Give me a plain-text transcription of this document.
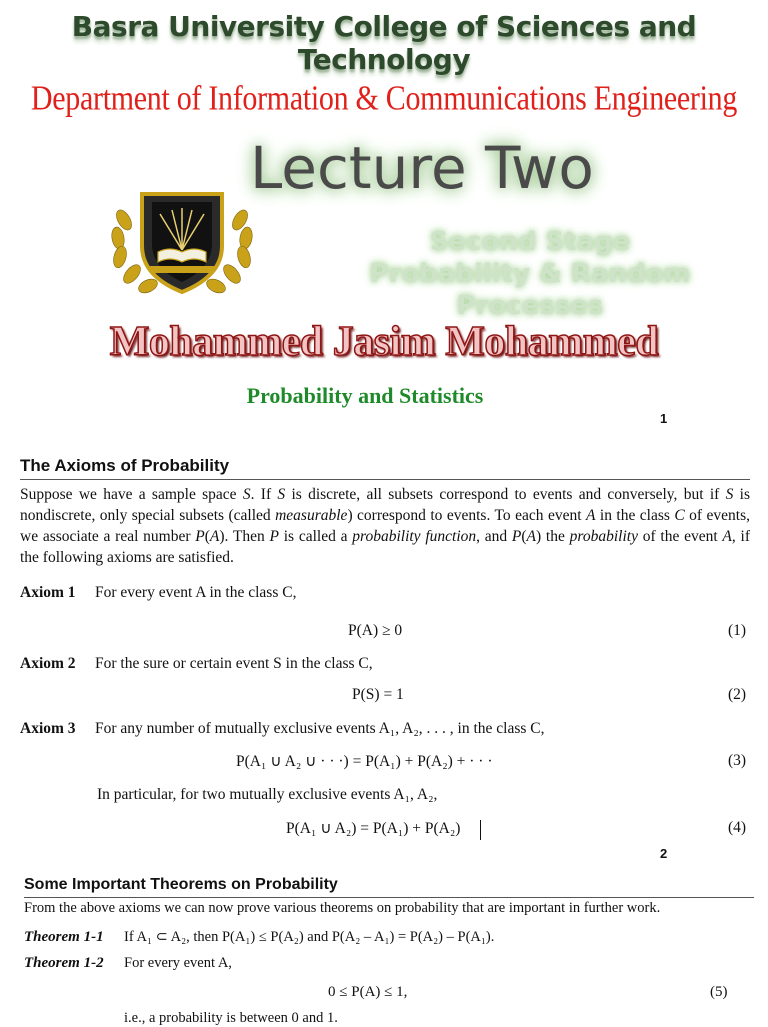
Basra University College of Sciences and Technology
Department of Information & Communications Engineering
Lecture Two
Second Stage
Probability & Random Processes
Mohammed Jasim Mohammed
Probability and Statistics
1
The Axioms of Probability
Suppose we have a sample space S. If S is discrete, all subsets correspond to events and conversely, but if S is nondiscrete, only special subsets (called measurable) correspond to events. To each event A in the class C of events, we associate a real number P(A). Then P is called a probability function, and P(A) the probability of the event A, if the following axioms are satisfied.
Axiom 1 For every event A in the class C,
P(A) ≥ 0	(1)
Axiom 2 For the sure or certain event S in the class C,
P(S) = 1	(2)
Axiom 3 For any number of mutually exclusive events A₁, A₂, . . . , in the class C,
P(A₁ ∪ A₂ ∪ · · ·) = P(A₁) + P(A₂) + · · ·	(3)
In particular, for two mutually exclusive events A₁, A₂,
P(A₁ ∪ A₂) = P(A₁) + P(A₂)	(4)
2
Some Important Theorems on Probability
From the above axioms we can now prove various theorems on probability that are important in further work.
Theorem 1-1 If A₁ ⊂ A₂, then P(A₁) ≤ P(A₂) and P(A₂ – A₁) = P(A₂) – P(A₁).
Theorem 1-2 For every event A,
0 ≤ P(A) ≤ 1,	(5)
i.e., a probability is between 0 and 1.
